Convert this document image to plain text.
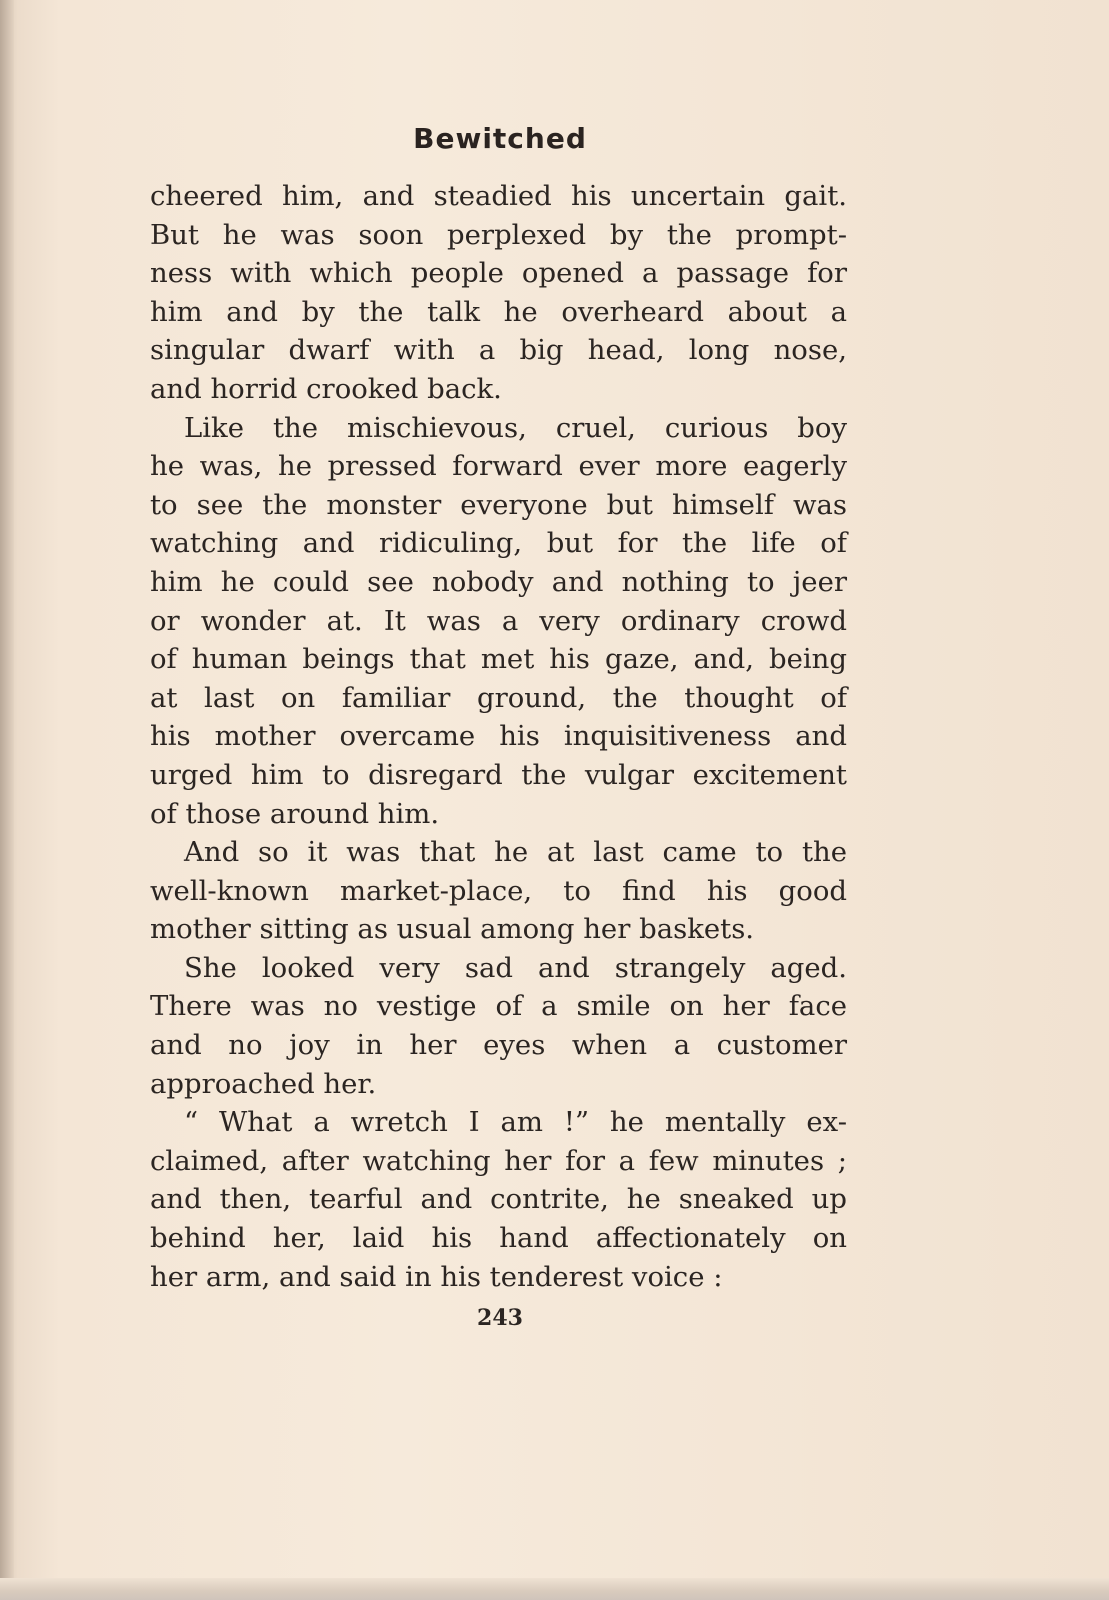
Bewitched
cheered him, and steadied his uncertain gait.
But he was soon perplexed by the prompt-
ness with which people opened a passage for
him and by the talk he overheard about a
singular dwarf with a big head, long nose,
and horrid crooked back.
Like the mischievous, cruel, curious boy
he was, he pressed forward ever more eagerly
to see the monster everyone but himself was
watching and ridiculing, but for the life of
him he could see nobody and nothing to jeer
or wonder at. It was a very ordinary crowd
of human beings that met his gaze, and, being
at last on familiar ground, the thought of
his mother overcame his inquisitiveness and
urged him to disregard the vulgar excitement
of those around him.
And so it was that he at last came to the
well-known market-place, to find his good
mother sitting as usual among her baskets.
She looked very sad and strangely aged.
There was no vestige of a smile on her face
and no joy in her eyes when a customer
approached her.
“ What a wretch I am !” he mentally ex-
claimed, after watching her for a few minutes ;
and then, tearful and contrite, he sneaked up
behind her, laid his hand affectionately on
her arm, and said in his tenderest voice :
243
